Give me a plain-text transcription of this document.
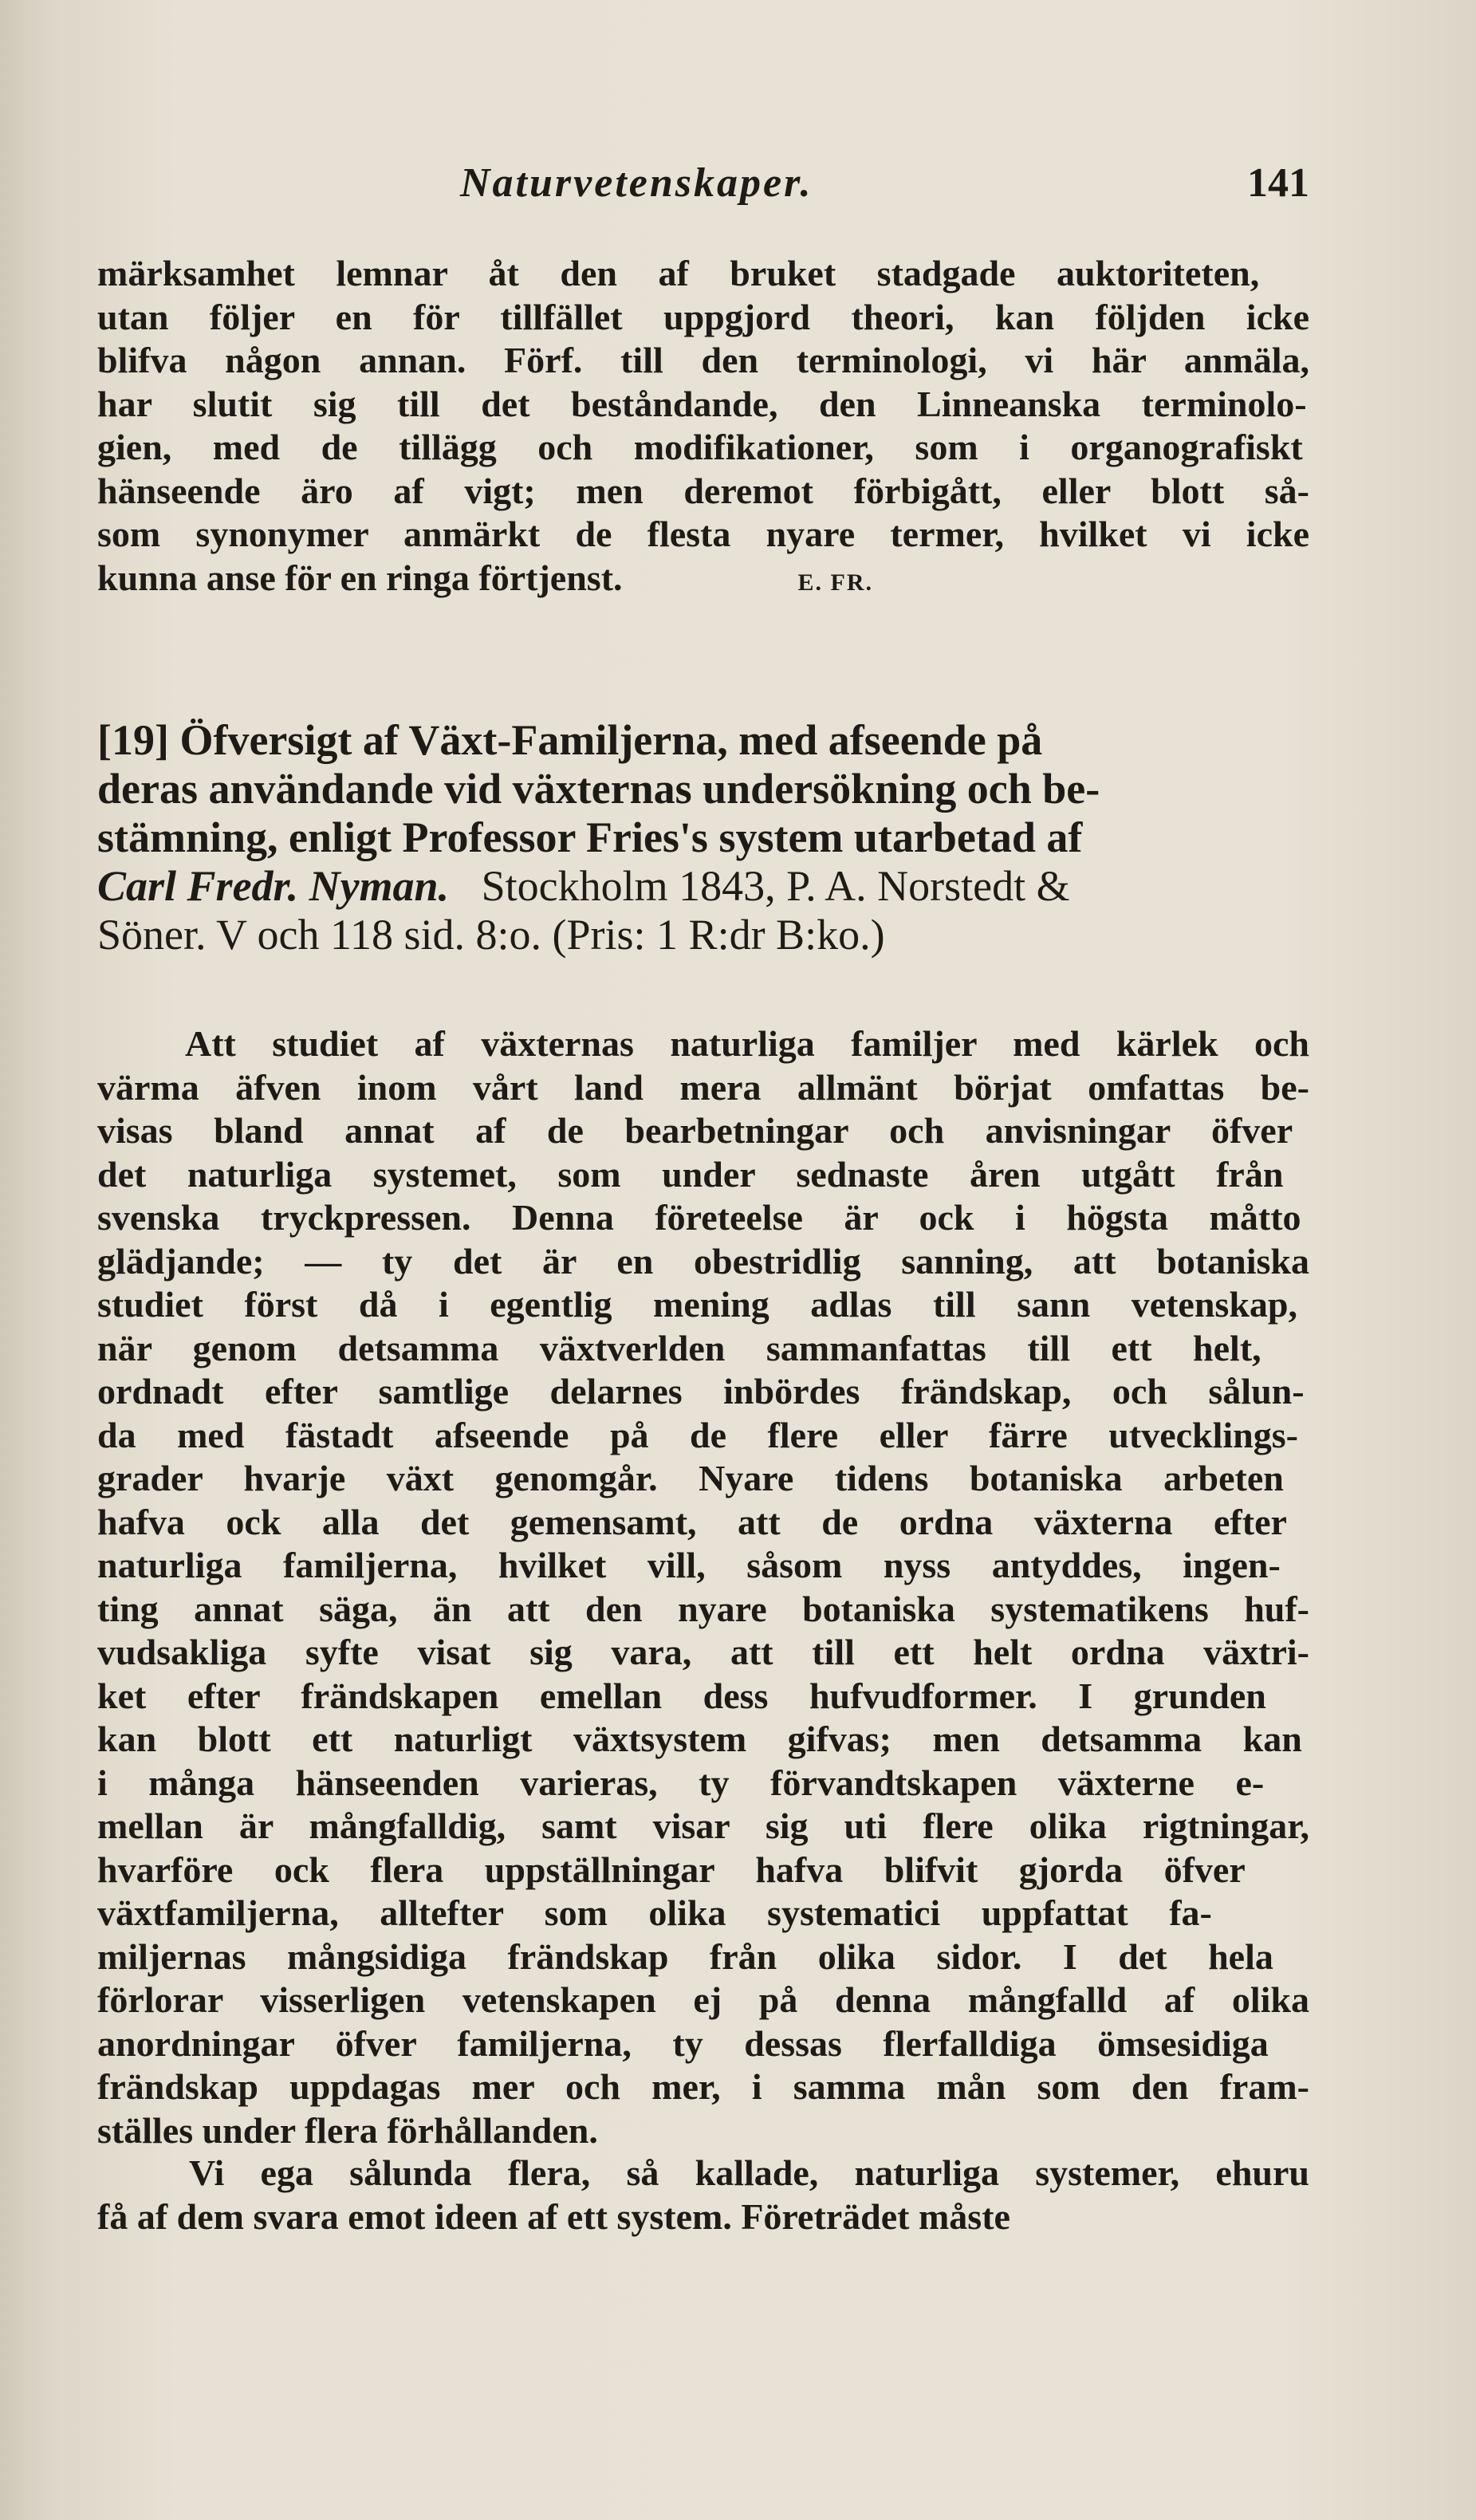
Naturvetenskaper.	141
märksamhet lemnar åt den af bruket stadgade auktoriteten,
utan följer en för tillfället uppgjord theori, kan följden icke
blifva någon annan. Förf. till den terminologi, vi här anmäla,
har slutit sig till det beståndande, den Linneanska terminolo-
gien, med de tillägg och modifikationer, som i organografiskt
hänseende äro af vigt; men deremot förbigått, eller blott så-
som synonymer anmärkt de flesta nyare termer, hvilket vi icke
kunna anse för en ringa förtjenst.	E. FR.
[19] Öfversigt af Växt-Familjerna, med afseende på
deras användande vid växternas undersökning och be-
stämning, enligt Professor Fries's system utarbetad af
Carl Fredr. Nyman. Stockholm 1843, P. A. Norstedt &
Söner. V och 118 sid. 8:o. (Pris: 1 R:dr B:ko.)
Att studiet af växternas naturliga familjer med kärlek och
värma äfven inom vårt land mera allmänt börjat omfattas be-
visas bland annat af de bearbetningar och anvisningar öfver
det naturliga systemet, som under sednaste åren utgått från
svenska tryckpressen. Denna företeelse är ock i högsta måtto
glädjande; — ty det är en obestridlig sanning, att botaniska
studiet först då i egentlig mening adlas till sann vetenskap,
när genom detsamma växtverlden sammanfattas till ett helt,
ordnadt efter samtlige delarnes inbördes frändskap, och sålun-
da med fästadt afseende på de flere eller färre utvecklings-
grader hvarje växt genomgår. Nyare tidens botaniska arbeten
hafva ock alla det gemensamt, att de ordna växterna efter
naturliga familjerna, hvilket vill, såsom nyss antyddes, ingen-
ting annat säga, än att den nyare botaniska systematikens huf-
vudsakliga syfte visat sig vara, att till ett helt ordna växtri-
ket efter frändskapen emellan dess hufvudformer. I grunden
kan blott ett naturligt växtsystem gifvas; men detsamma kan
i många hänseenden varieras, ty förvandtskapen växterne e-
mellan är mångfalldig, samt visar sig uti flere olika rigtningar,
hvarföre ock flera uppställningar hafva blifvit gjorda öfver
växtfamiljerna, alltefter som olika systematici uppfattat fa-
miljernas mångsidiga frändskap från olika sidor. I det hela
förlorar visserligen vetenskapen ej på denna mångfalld af olika
anordningar öfver familjerna, ty dessas flerfalldiga ömsesidiga
frändskap uppdagas mer och mer, i samma mån som den fram-
ställes under flera förhållanden.
Vi ega sålunda flera, så kallade, naturliga systemer, ehuru
få af dem svara emot ideen af ett system. Företrädet måste
